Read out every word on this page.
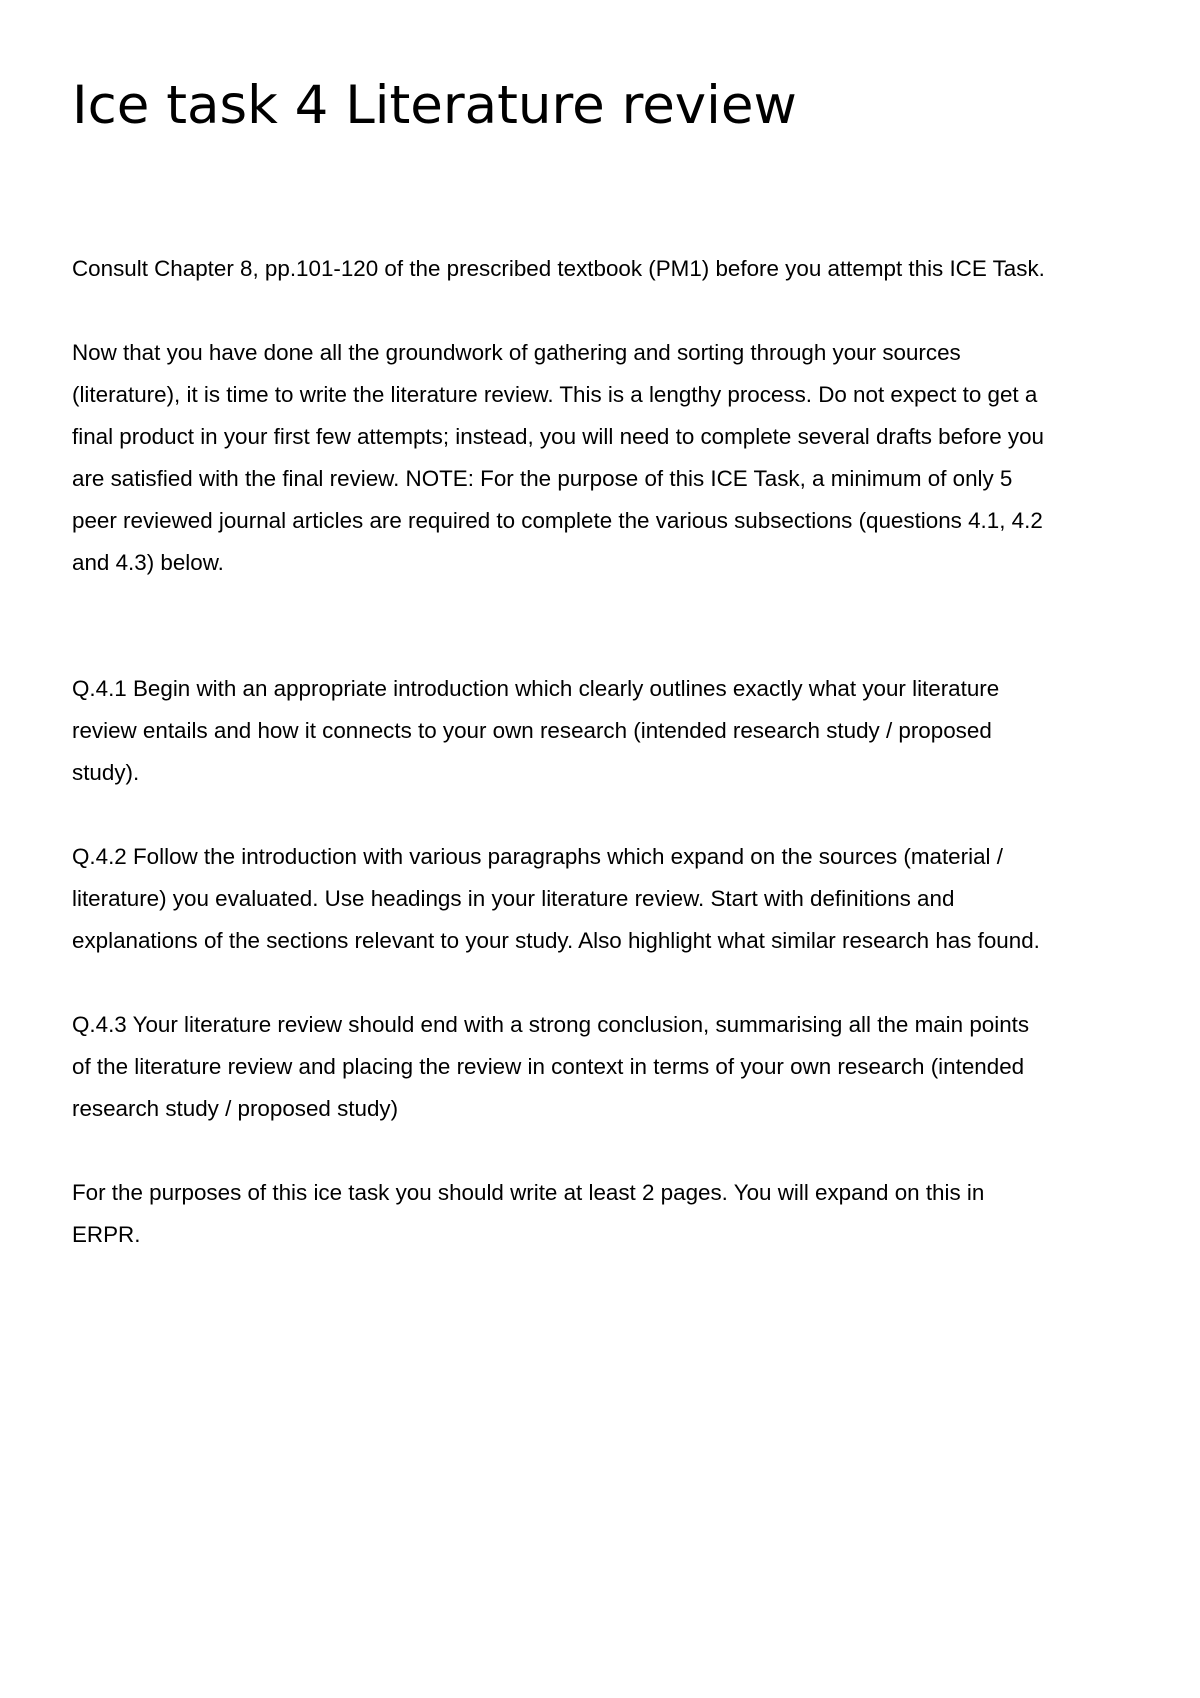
Ice task 4 Literature review

Consult Chapter 8, pp.101-120 of the prescribed textbook (PM1) before you attempt this ICE Task.

Now that you have done all the groundwork of gathering and sorting through your sources
(literature), it is time to write the literature review. This is a lengthy process. Do not expect to get a
final product in your first few attempts; instead, you will need to complete several drafts before you
are satisfied with the final review. NOTE: For the purpose of this ICE Task, a minimum of only 5
peer reviewed journal articles are required to complete the various subsections (questions 4.1, 4.2
and 4.3) below.

Q.4.1 Begin with an appropriate introduction which clearly outlines exactly what your literature
review entails and how it connects to your own research (intended research study / proposed
study).

Q.4.2 Follow the introduction with various paragraphs which expand on the sources (material /
literature) you evaluated. Use headings in your literature review. Start with definitions and
explanations of the sections relevant to your study. Also highlight what similar research has found.

Q.4.3 Your literature review should end with a strong conclusion, summarising all the main points
of the literature review and placing the review in context in terms of your own research (intended
research study / proposed study)

For the purposes of this ice task you should write at least 2 pages. You will expand on this in
ERPR.
